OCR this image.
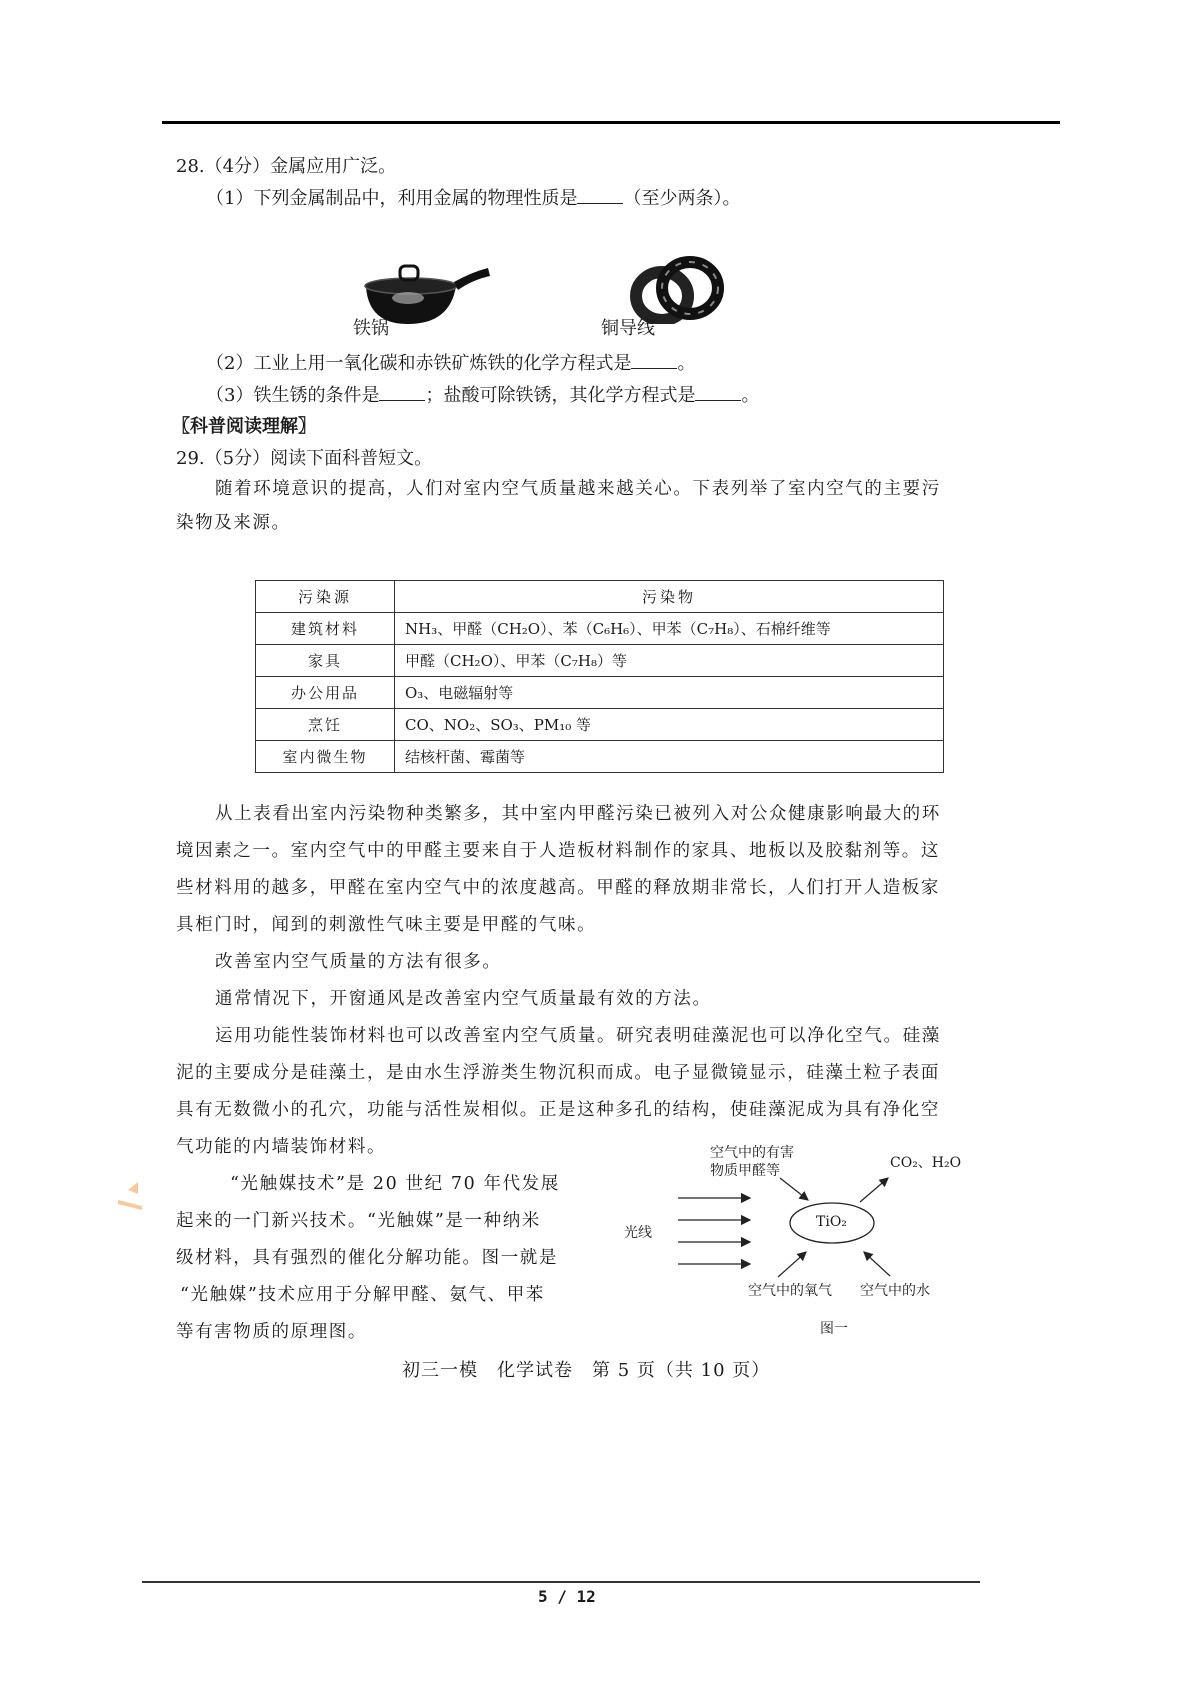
28.（4分）金属应用广泛。
（1）下列金属制品中，利用金属的物理性质是	（至少两条）。
铁锅	铜导线
（2）工业上用一氧化碳和赤铁矿炼铁的化学方程式是	。
（3）铁生锈的条件是	；盐酸可除铁锈，其化学方程式是	。
〖科普阅读理解〗
29.（5分）阅读下面科普短文。
随着环境意识的提高，人们对室内空气质量越来越关心。下表列举了室内空气的主要污
染物及来源。
污染源	污染物
建筑材料	NH₃、甲醛（CH₂O）、苯（C₆H₆）、甲苯（C₇H₈）、石棉纤维等
家具	甲醛（CH₂O）、甲苯（C₇H₈）等
办公用品	O₃、电磁辐射等
烹饪	CO、NO₂、SO₃、PM₁₀ 等
室内微生物	结核杆菌、霉菌等
从上表看出室内污染物种类繁多，其中室内甲醛污染已被列入对公众健康影响最大的环
境因素之一。室内空气中的甲醛主要来自于人造板材料制作的家具、地板以及胶黏剂等。这
些材料用的越多，甲醛在室内空气中的浓度越高。甲醛的释放期非常长，人们打开人造板家
具柜门时，闻到的刺激性气味主要是甲醛的气味。
改善室内空气质量的方法有很多。
通常情况下，开窗通风是改善室内空气质量最有效的方法。
运用功能性装饰材料也可以改善室内空气质量。研究表明硅藻泥也可以净化空气。硅藻
泥的主要成分是硅藻土，是由水生浮游类生物沉积而成。电子显微镜显示，硅藻土粒子表面
具有无数微小的孔穴，功能与活性炭相似。正是这种多孔的结构，使硅藻泥成为具有净化空
气功能的内墙装饰材料。
“光触媒技术”是 20 世纪 70 年代发展
起来的一门新兴技术。“光触媒”是一种纳米
级材料，具有强烈的催化分解功能。图一就是
“光触媒”技术应用于分解甲醛、氨气、甲苯
等有害物质的原理图。
空气中的有害
物质甲醛等	CO₂、H₂O
光线
TiO₂
空气中的氧气 空气中的水
图一
初三一模　化学试卷　第 5 页（共 10 页）
5 / 12
